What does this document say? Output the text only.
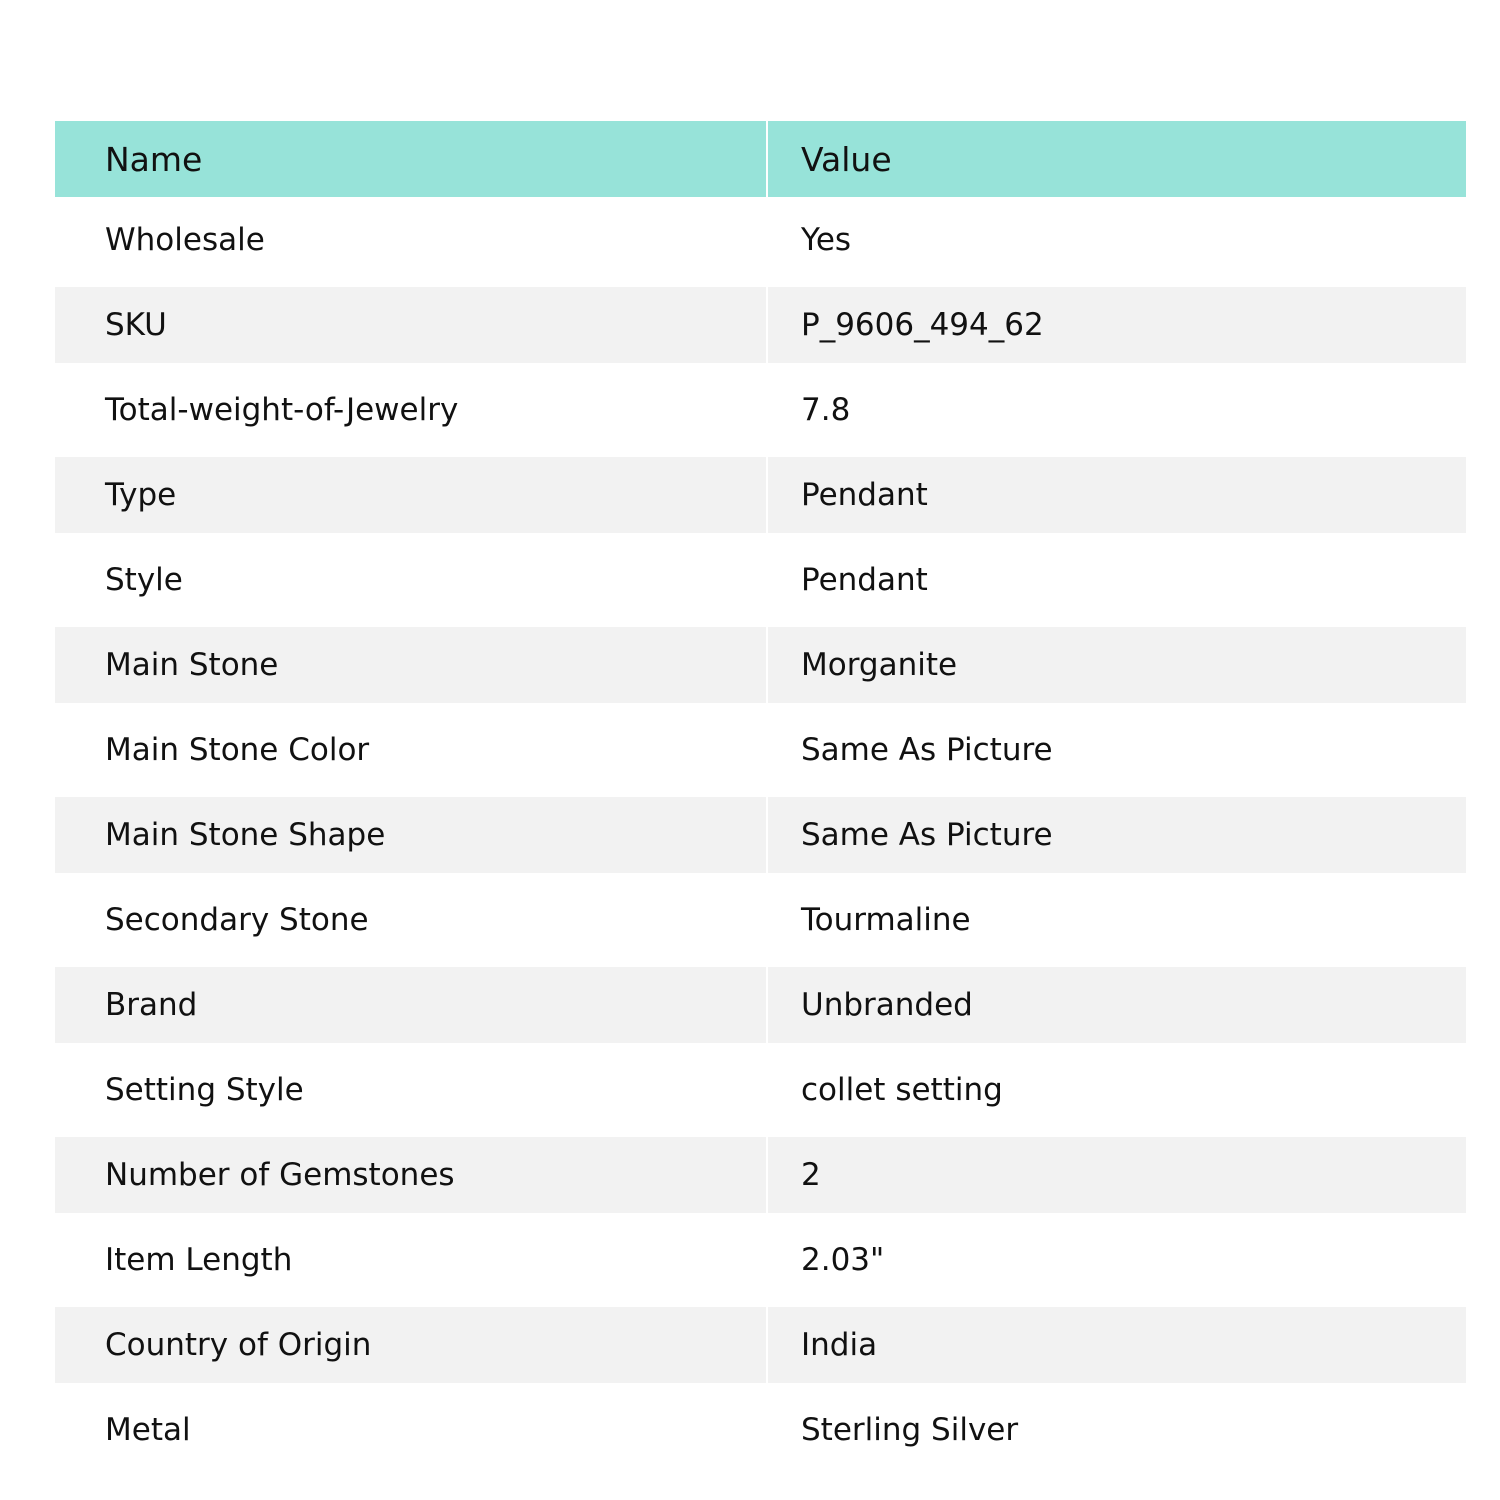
Name	Value
Wholesale	Yes
SKU	P_9606_494_62
Total-weight-of-Jewelry	7.8
Type	Pendant
Style	Pendant
Main Stone	Morganite
Main Stone Color	Same As Picture
Main Stone Shape	Same As Picture
Secondary Stone	Tourmaline
Brand	Unbranded
Setting Style	collet setting
Number of Gemstones	2
Item Length	2.03"
Country of Origin	India
Metal	Sterling Silver
